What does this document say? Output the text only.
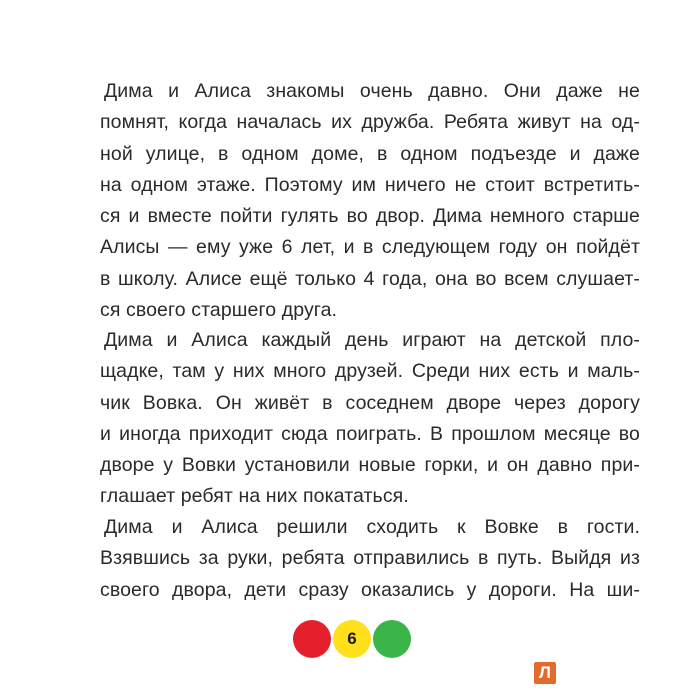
Дима и Алиса знакомы очень давно. Они даже не
помнят, когда началась их дружба. Ребята живут на од-
ной улице, в одном доме, в одном подъезде и даже
на одном этаже. Поэтому им ничего не стоит встретить-
ся и вместе пойти гулять во двор. Дима немного старше
Алисы — ему уже 6 лет, и в следующем году он пойдёт
в школу. Алисе ещё только 4 года, она во всем слушает-
ся своего старшего друга.
Дима и Алиса каждый день играют на детской пло-
щадке, там у них много друзей. Среди них есть и маль-
чик Вовка. Он живёт в соседнем дворе через дорогу
и иногда приходит сюда поиграть. В прошлом месяце во
дворе у Вовки установили новые горки, и он давно при-
глашает ребят на них покататься.
Дима и Алиса решили сходить к Вовке в гости.
Взявшись за руки, ребята отправились в путь. Выйдя из
своего двора, дети сразу оказались у дороги. На ши-
6
Л
